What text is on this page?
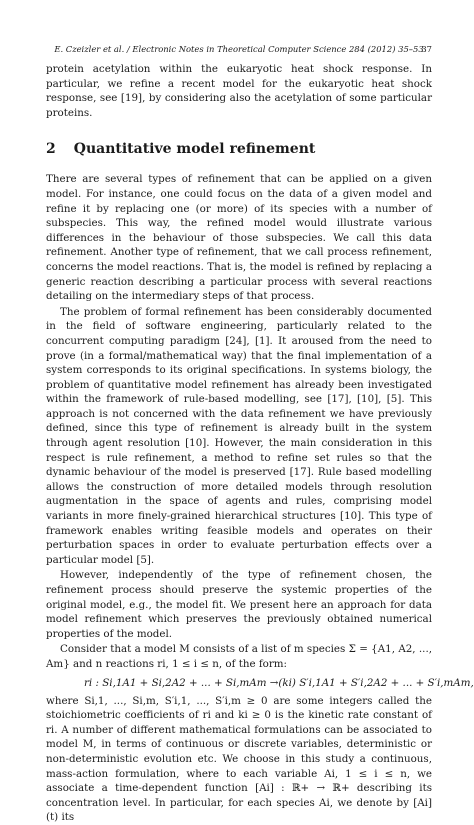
E. Czeizler et al. / Electronic Notes in Theoretical Computer Science 284 (2012) 35–53
37

protein acetylation within the eukaryotic heat shock response. In particular, we refine a recent model for the eukaryotic heat shock response, see [19], by considering also the acetylation of some particular proteins.

2 Quantitative model refinement

There are several types of refinement that can be applied on a given model. For instance, one could focus on the data of a given model and refine it by replacing one (or more) of its species with a number of subspecies. This way, the refined model would illustrate various differences in the behaviour of those subspecies. We call this data refinement. Another type of refinement, that we call process refinement, concerns the model reactions. That is, the model is refined by replacing a generic reaction describing a particular process with several reactions detailing on the intermediary steps of that process.

The problem of formal refinement has been considerably documented in the field of software engineering, particularly related to the concurrent computing paradigm [24], [1]. It aroused from the need to prove (in a formal/mathematical way) that the final implementation of a system corresponds to its original specifications. In systems biology, the problem of quantitative model refinement has already been investigated within the framework of rule-based modelling, see [17], [10], [5]. This approach is not concerned with the data refinement we have previously defined, since this type of refinement is already built in the system through agent resolution [10]. However, the main consideration in this respect is rule refinement, a method to refine set rules so that the dynamic behaviour of the model is preserved [17]. Rule based modelling allows the construction of more detailed models through resolution augmentation in the space of agents and rules, comprising model variants in more finely-grained hierarchical structures [10]. This type of framework enables writing feasible models and operates on their perturbation spaces in order to evaluate perturbation effects over a particular model [5].

However, independently of the type of refinement chosen, the refinement process should preserve the systemic properties of the original model, e.g., the model fit. We present here an approach for data model refinement which preserves the previously obtained numerical properties of the model.

Consider that a model M consists of a list of m species Σ = {A1, A2, ..., Am} and n reactions ri, 1 ≤ i ≤ n, of the form:

ri : Si,1A1 + Si,2A2 + ... + Si,mAm →(ki) S′i,1A1 + S′i,2A2 + ... + S′i,mAm,

where Si,1, ..., Si,m, S′i,1, ..., S′i,m ≥ 0 are some integers called the stoichiometric coefficients of ri and ki ≥ 0 is the kinetic rate constant of ri. A number of different mathematical formulations can be associated to model M, in terms of continuous or discrete variables, deterministic or non-deterministic evolution etc. We choose in this study a continuous, mass-action formulation, where to each variable Ai, 1 ≤ i ≤ n, we associate a time-dependent function [Ai] : ℝ+ → ℝ+ describing its concentration level. In particular, for each species Ai, we denote by [Ai](t) its
